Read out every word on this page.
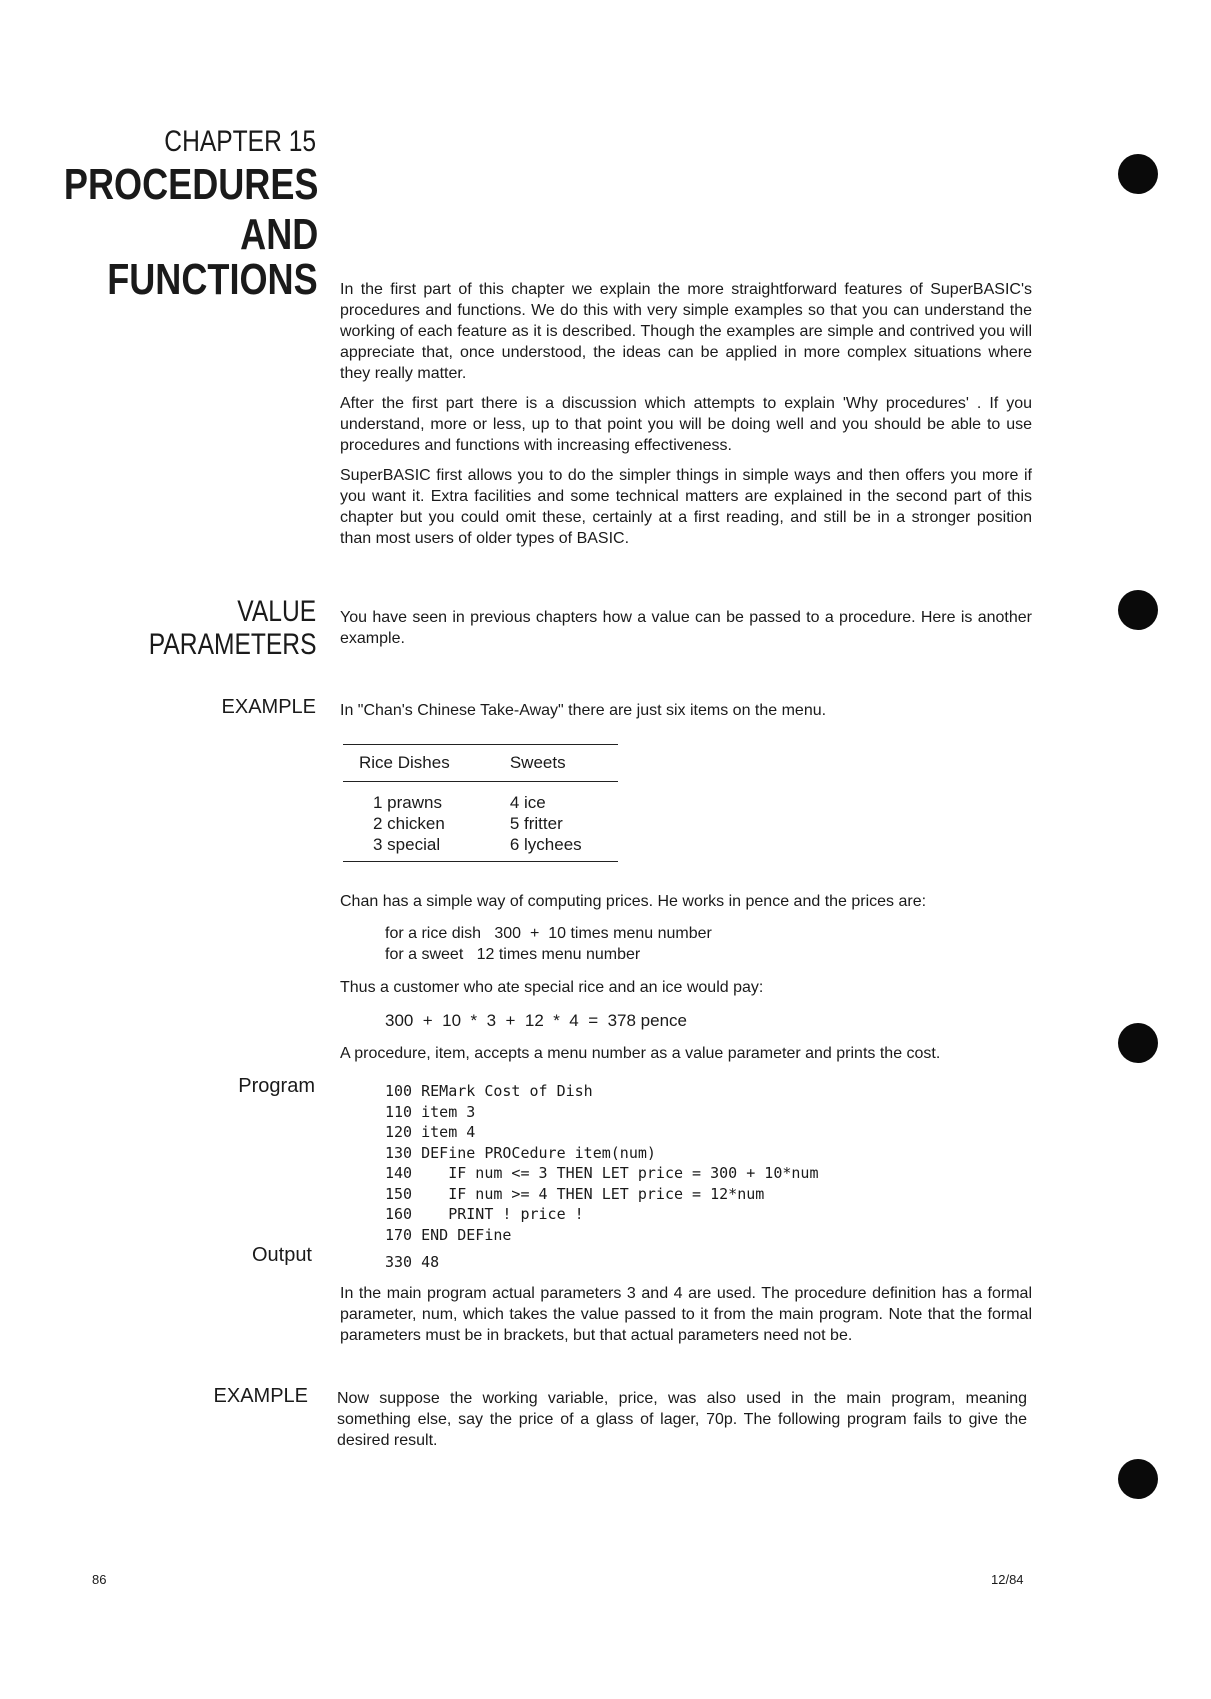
CHAPTER 15
PROCEDURES
AND
FUNCTIONS In the first part of this chapter we explain the more straightforward features of SuperBASIC's procedures and functions. We do this with very simple examples so that you can understand the working of each feature as it is described. Though the examples are simple and contrived you will appreciate that, once understood, the ideas can be applied in more complex situations where they really matter.

After the first part there is a discussion which attempts to explain 'Why procedures' . If you understand, more or less, up to that point you will be doing well and you should be able to use procedures and functions with increasing effectiveness.

SuperBASIC first allows you to do the simpler things in simple ways and then offers you more if you want it. Extra facilities and some technical matters are explained in the second part of this chapter but you could omit these, certainly at a first reading, and still be in a stronger position than most users of older types of BASIC.

VALUE
PARAMETERS

You have seen in previous chapters how a value can be passed to a procedure. Here is another example.

EXAMPLE In "Chan's Chinese Take-Away" there are just six items on the menu.

Rice Dishes	Sweets
1 prawns	4 ice
2 chicken	5 fritter
3 special	6 lychees
Chan has a simple way of computing prices. He works in pence and the prices are:
for a rice dish   300  +  10 times menu number
for a sweet   12 times menu number
Thus a customer who ate special rice and an ice would pay:
300  +  10  *  3  +  12  *  4  =  378 pence
A procedure, item, accepts a menu number as a value parameter and prints the cost.
Program	100 REMark Cost of Dish
110 item 3
120 item 4
130 DEFine PROCedure item(num)
140    IF num <= 3 THEN LET price = 300 + 10*num
150    IF num >= 4 THEN LET price = 12*num
160    PRINT ! price !
170 END DEFine
Output	330 48

In the main program actual parameters 3 and 4 are used. The procedure definition has a formal parameter, num, which takes the value passed to it from the main program. Note that the formal parameters must be in brackets, but that actual parameters need not be.

EXAMPLE Now suppose the working variable, price, was also used in the main program, meaning something else, say the price of a glass of lager, 70p. The following program fails to give the desired result.

86	12/84
